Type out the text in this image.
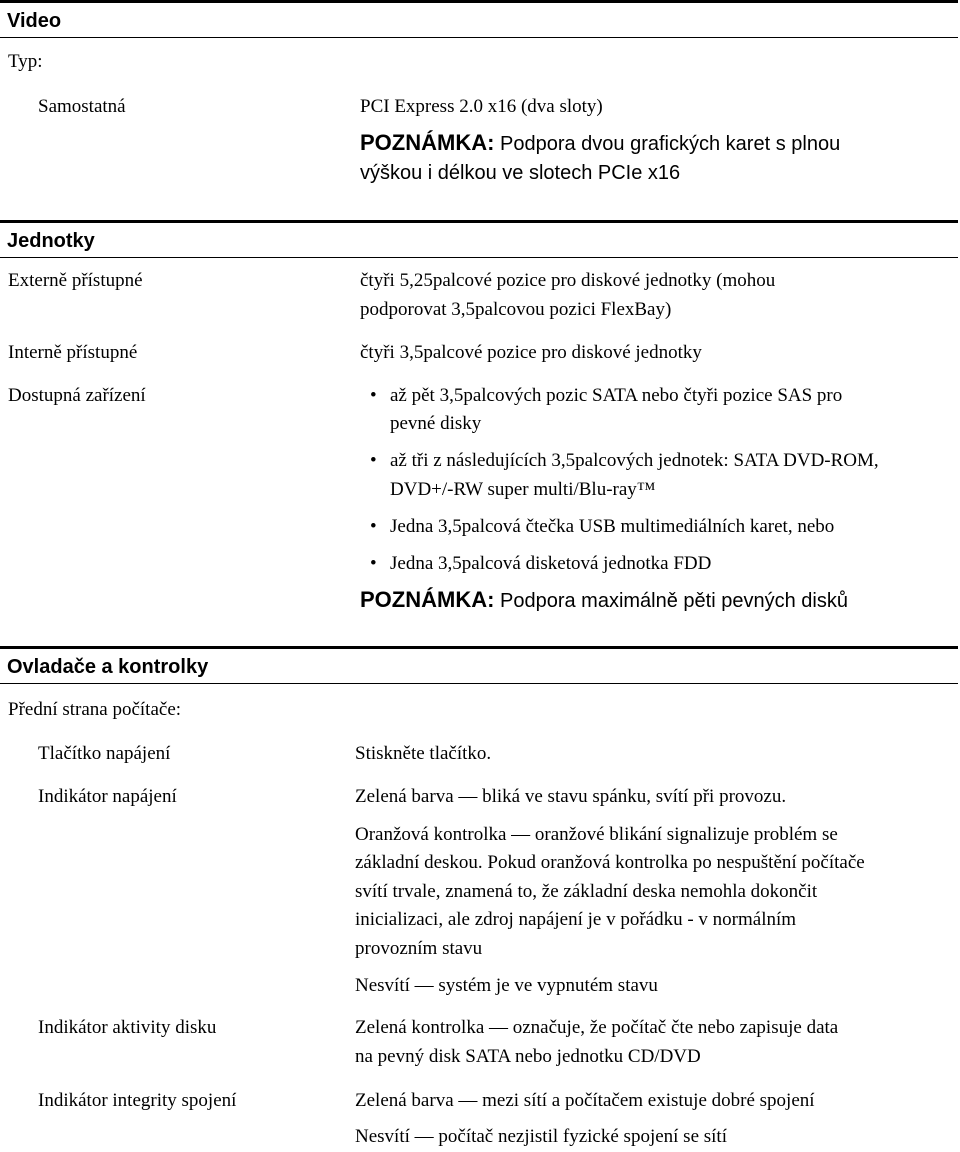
Video
Typ:
Samostatná	PCI Express 2.0 x16 (dva sloty)
POZNÁMKA: Podpora dvou grafických karet s plnou
výškou i délkou ve slotech PCIe x16
Jednotky
Externě přístupné	čtyři 5,25palcové pozice pro diskové jednotky (mohou
podporovat 3,5palcovou pozici FlexBay)
Interně přístupné	čtyři 3,5palcové pozice pro diskové jednotky
Dostupná zařízení	• až pět 3,5palcových pozic SATA nebo čtyři pozice SAS pro
pevné disky
• až tři z následujících 3,5palcových jednotek: SATA DVD-ROM,
DVD+/-RW super multi/Blu-ray™
• Jedna 3,5palcová čtečka USB multimediálních karet, nebo
• Jedna 3,5palcová disketová jednotka FDD
POZNÁMKA: Podpora maximálně pěti pevných disků
Ovladače a kontrolky
Přední strana počítače:
Tlačítko napájení	Stiskněte tlačítko.
Indikátor napájení	Zelená barva — bliká ve stavu spánku, svítí při provozu.
Oranžová kontrolka — oranžové blikání signalizuje problém se
základní deskou. Pokud oranžová kontrolka po nespuštění počítače
svítí trvale, znamená to, že základní deska nemohla dokončit
inicializaci, ale zdroj napájení je v pořádku - v normálním
provozním stavu
Nesvítí — systém je ve vypnutém stavu
Indikátor aktivity disku	Zelená kontrolka — označuje, že počítač čte nebo zapisuje data
na pevný disk SATA nebo jednotku CD/DVD
Indikátor integrity spojení	Zelená barva — mezi sítí a počítačem existuje dobré spojení
Nesvítí — počítač nezjistil fyzické spojení se sítí
